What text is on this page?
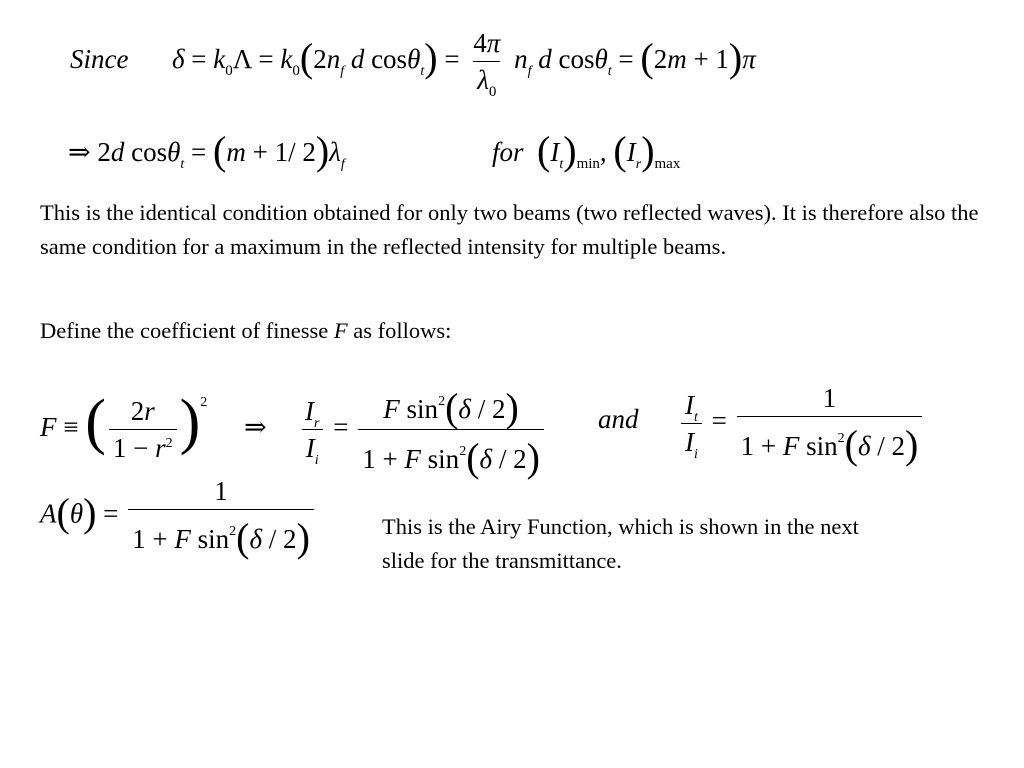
Since $\delta = k_0\Lambda = k_0(2n_f$ d $\cos\theta_t) = \frac{4\pi}{\lambda_0} n_f$ d cosθ$_t$ = (2m + 1)π
⇒ 2d cosθ$_t$ = (m + 1/ $2)\lambda_f$	for $(I_t)_{min}$, $(I_r)_{max}$
This is the identical condition obtained for only two beams (two reflected waves). It is therefore also the same condition for a maximum in the reflected intensity for multiple beams.
Define the coefficient of finesse F as follows:
F ≡ ( $\frac{2r}{1 - r^2} )^2$ ⇒ $\frac{I_r}{I_i} = \frac{F \sin^2(\delta / 2)}{1 + F \sin^2(\delta / 2)}$ and $\frac{I_t}{I_i} = \frac{1}{1 + F \sin^2(\delta / 2)}$
$A(\theta) = \frac{1}{1 + F \sin^2(\delta / 2)}$	This is the Airy Function, which is shown in the next slide for the transmittance.
